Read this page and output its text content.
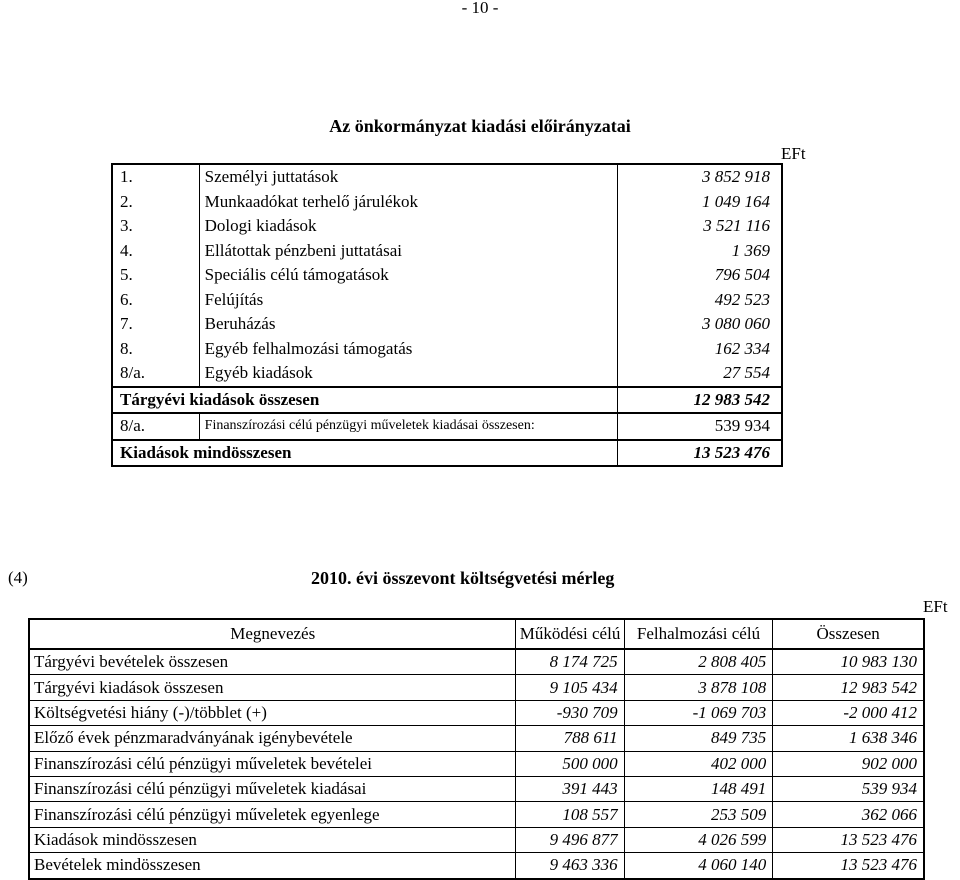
- 10 -
Az önkormányzat kiadási előirányzatai
EFt
1.	Személyi juttatások	3 852 918
2.	Munkaadókat terhelő járulékok	1 049 164
3.	Dologi kiadások	3 521 116
4.	Ellátottak pénzbeni juttatásai	1 369
5.	Speciális célú támogatások	796 504
6.	Felújítás	492 523
7.	Beruházás	3 080 060
8.	Egyéb felhalmozási támogatás	162 334
8/a.	Egyéb kiadások	27 554
Tárgyévi kiadások összesen		12 983 542
8/a.	Finanszírozási célú pénzügyi műveletek kiadásai összesen:	539 934
Kiadások mindösszesen		13 523 476
(4)	2010. évi összevont költségvetési mérleg
EFt
Megnevezés	Működési célú	Felhalmozási célú	Összesen
Tárgyévi bevételek összesen	8 174 725	2 808 405	10 983 130
Tárgyévi kiadások összesen	9 105 434	3 878 108	12 983 542
Költségvetési hiány (-)/többlet (+)	-930 709	-1 069 703	-2 000 412
Előző évek pénzmaradványának igénybevétele	788 611	849 735	1 638 346
Finanszírozási célú pénzügyi műveletek bevételei	500 000	402 000	902 000
Finanszírozási célú pénzügyi műveletek kiadásai	391 443	148 491	539 934
Finanszírozási célú pénzügyi műveletek egyenlege	108 557	253 509	362 066
Kiadások mindösszesen	9 496 877	4 026 599	13 523 476
Bevételek mindösszesen	9 463 336	4 060 140	13 523 476
